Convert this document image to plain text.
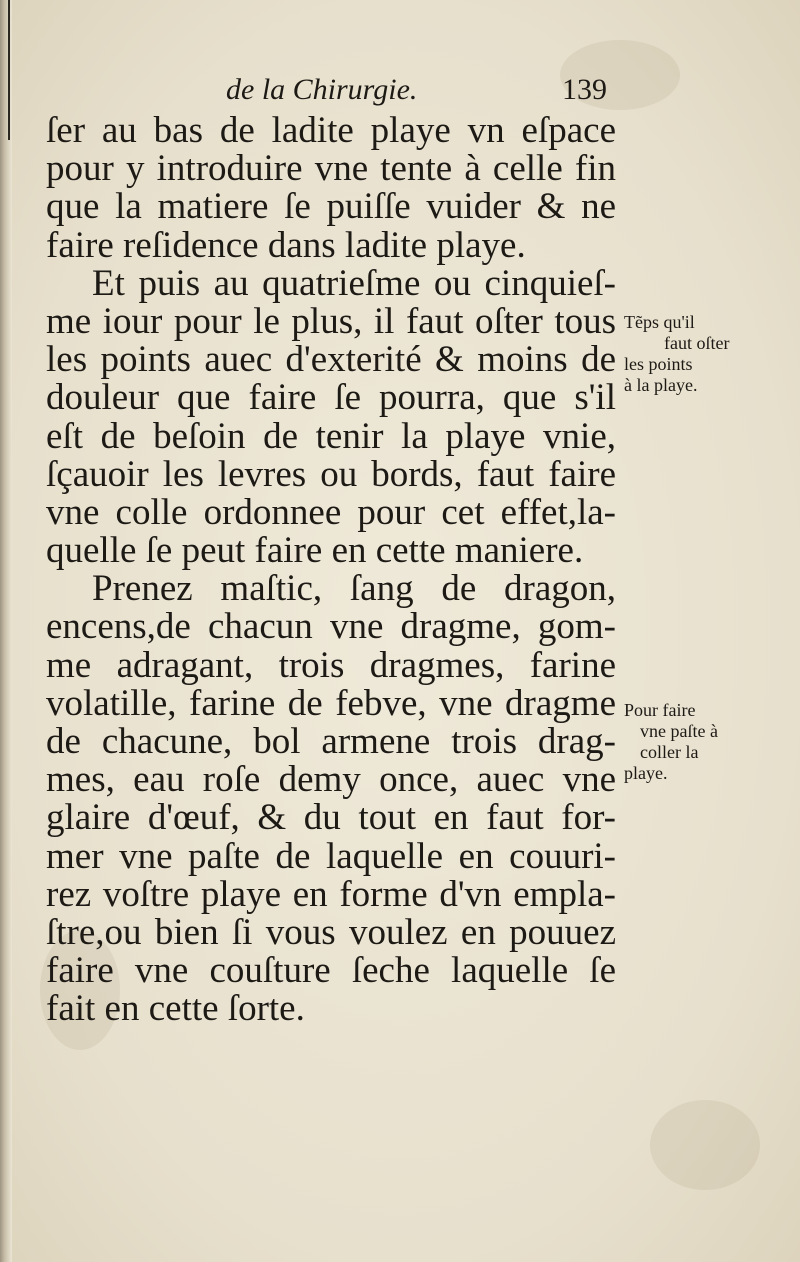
de la Chirurgie.	139
ſer au bas de ladite playe vn eſpace
pour y introduire vne tente à celle fin
que la matiere ſe puiſſe vuider & ne
faire reſidence dans ladite playe.
Et puis au quatrieſme ou cinquieſ-
me iour pour le plus, il faut oſter tous
les points auec d'exterité & moins de
douleur que faire ſe pourra, que s'il
eſt de beſoin de tenir la playe vnie,
ſçauoir les levres ou bords, faut faire
vne colle ordonnee pour cet effet,la-
quelle ſe peut faire en cette maniere.
Prenez maſtic, ſang de dragon,
encens,de chacun vne dragme, gom-
me adragant, trois dragmes, farine
volatille, farine de febve, vne dragme
de chacune, bol armene trois drag-
mes, eau roſe demy once, auec vne
glaire d'œuf, & du tout en faut for-
mer vne paſte de laquelle en couuri-
rez voſtre playe en forme d'vn empla-
ſtre,ou bien ſi vous voulez en pouuez
faire vne couſture ſeche laquelle ſe
fait en cette ſorte.
Tẽps qu'il
faut oſter
les points
à la playe.
Pour faire
vne paſte à
coller la
playe.
